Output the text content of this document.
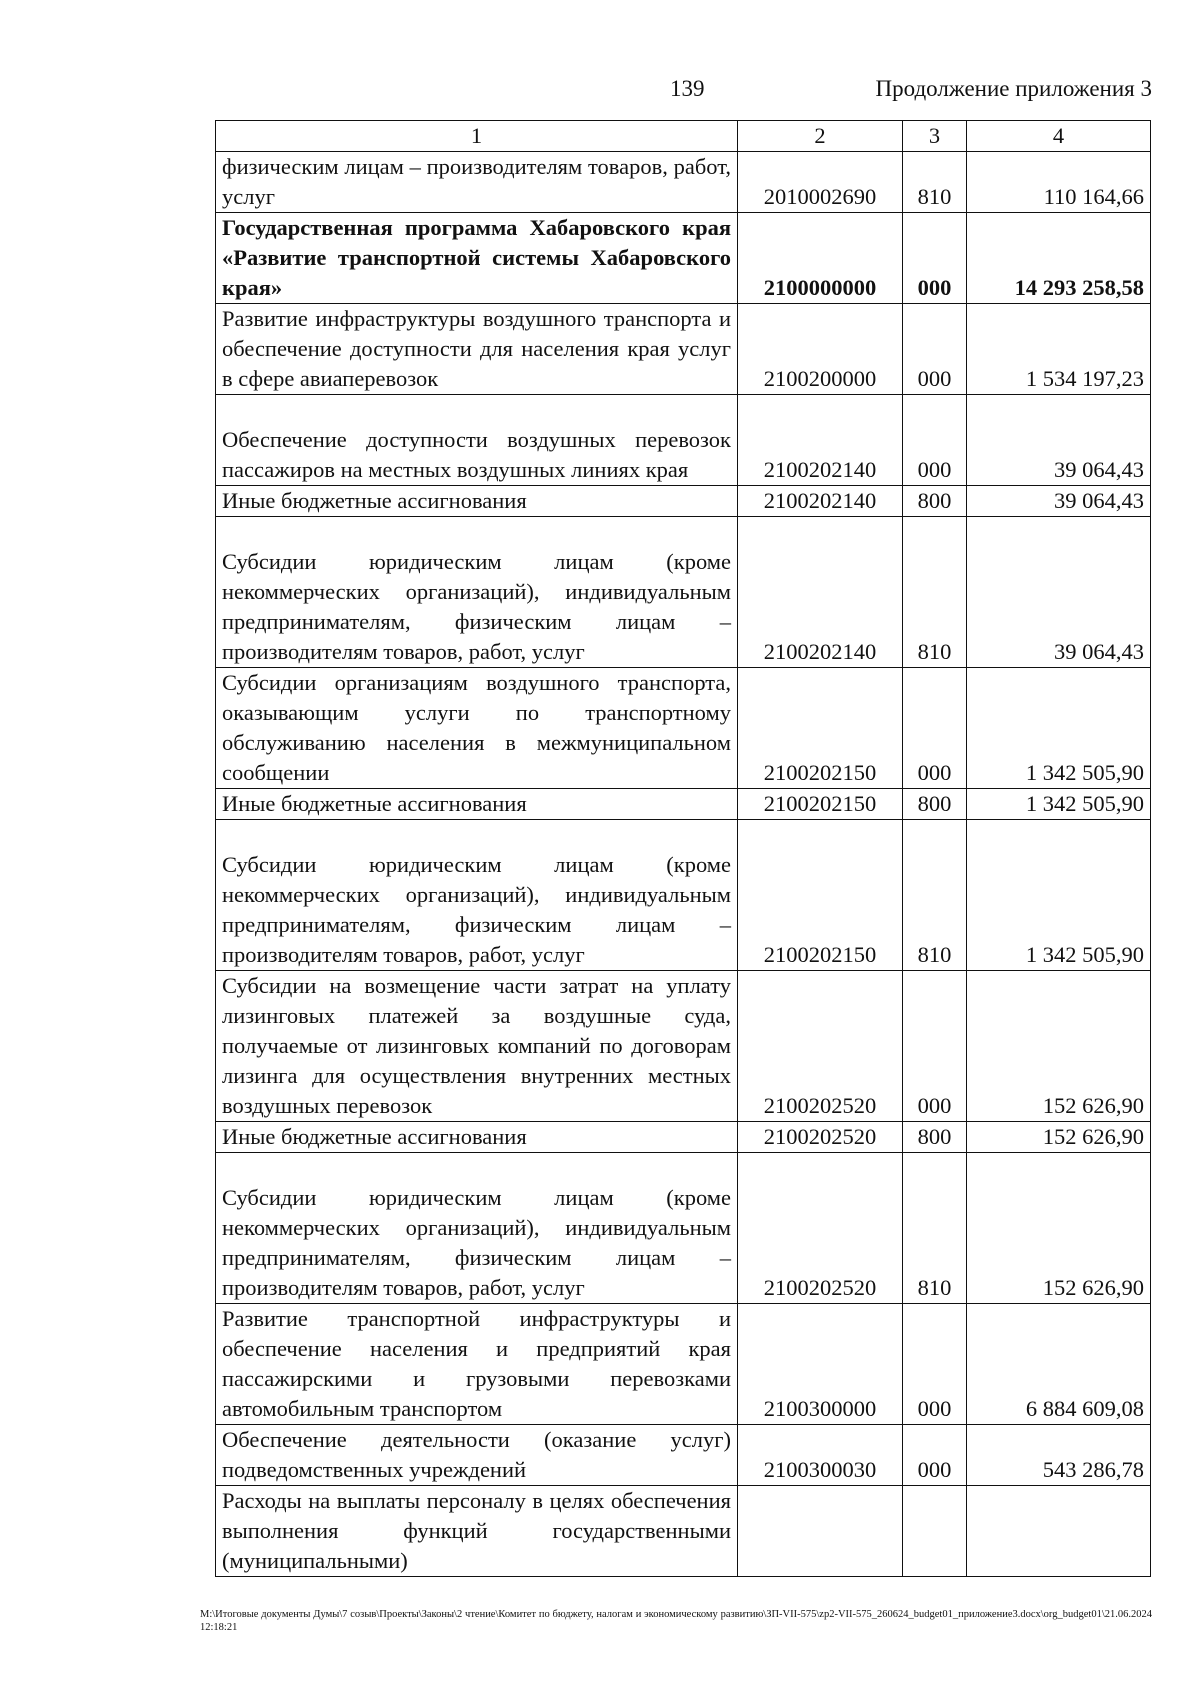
139	Продолжение приложения 3
1	2	3	4
физическим лицам – производителям товаров, работ, услуг	2010002690	810	110 164,66
Государственная программа Хабаровского края «Развитие транспортной системы Хабаровского края»	2100000000	000	14 293 258,58
Развитие инфраструктуры воздушного транспорта и обеспечение доступности для населения края услуг в сфере авиаперевозок	2100200000	000	1 534 197,23
Обеспечение доступности воздушных перевозок пассажиров на местных воздушных линиях края	2100202140	000	39 064,43
Иные бюджетные ассигнования	2100202140	800	39 064,43
Субсидии юридическим лицам (кроме некоммерческих организаций), индивидуальным предпринимателям, физическим лицам – производителям товаров, работ, услуг	2100202140	810	39 064,43
Субсидии организациям воздушного транспорта, оказывающим услуги по транспортному обслуживанию населения в межмуниципальном сообщении	2100202150	000	1 342 505,90
Иные бюджетные ассигнования	2100202150	800	1 342 505,90
Субсидии юридическим лицам (кроме некоммерческих организаций), индивидуальным предпринимателям, физическим лицам – производителям товаров, работ, услуг	2100202150	810	1 342 505,90
Субсидии на возмещение части затрат на уплату лизинговых платежей за воздушные суда, получаемые от лизинговых компаний по договорам лизинга для осуществления внутренних местных воздушных перевозок	2100202520	000	152 626,90
Иные бюджетные ассигнования	2100202520	800	152 626,90
Субсидии юридическим лицам (кроме некоммерческих организаций), индивидуальным предпринимателям, физическим лицам – производителям товаров, работ, услуг	2100202520	810	152 626,90
Развитие транспортной инфраструктуры и обеспечение населения и предприятий края пассажирскими и грузовыми перевозками автомобильным транспортом	2100300000	000	6 884 609,08
Обеспечение деятельности (оказание услуг) подведомственных учреждений	2100300030	000	543 286,78
Расходы на выплаты персоналу в целях обеспечения выполнения функций государственными (муниципальными)			
M:\Итоговые документы Думы\7 созыв\Проекты\Законы\2 чтение\Комитет по бюджету, налогам и экономическому развитию\ЗП-VII-575\zp2-VII-575_260624_budget01_приложение3.docx\org_budget01\21.06.2024 12:18:21
